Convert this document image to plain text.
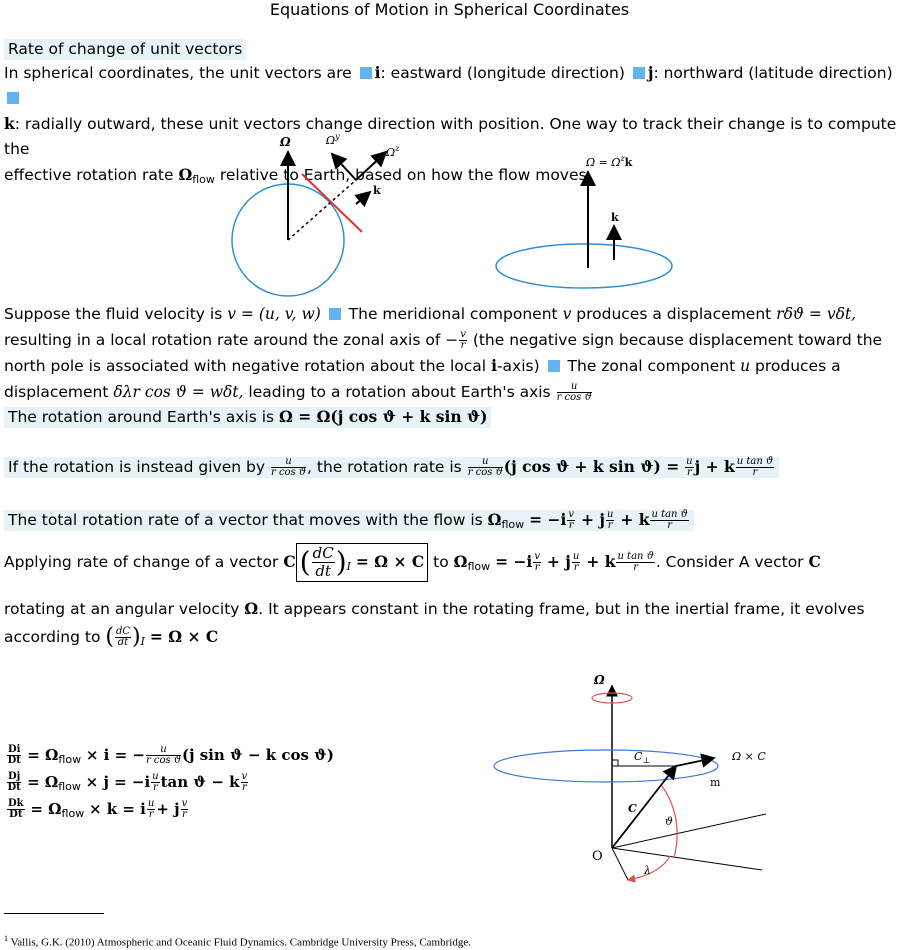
Equations of Motion in Spherical Coordinates
Rate of change of unit vectors
In spherical coordinates, the unit vectors are i: eastward (longitude direction) j: northward (latitude direction)
k: radially outward, these unit vectors change direction with position. One way to track their change is to compute the
effective rotation rate $\Omega_{flow}$ relative to Earth, based on how the flow moves
Ω	$\Omega^y$
$\Omega^z$
k
$\Omega = \Omega^zk$
k
Suppose the fluid velocity is v = (u, v, w) The meridional component v produces a displacement rδϑ = vδt,
resulting in a local rotation rate around the zonal axis of − $\frac{v}{r} (the$ negative sign because displacement toward the
north pole is associated with negative rotation about the local i-axis) The zonal component u produces a
displacement δλr cos ϑ = wδt, leading to a rotation about Earth's axis $\frac{u}{\text{r cos ϑ}}$
The rotation around Earth's axis is Ω = Ω(j cos ϑ + k sin ϑ)
If the rotation is instead given by $\frac{u}{\text{r cos ϑ}}$ , the rotation rate is $\frac{u}{\text{r cos ϑ}} (j$ cos ϑ + k $\sin ϑ) = \frac{u}{r}$ j + k $\frac{\text{u tan ϑ}}{r}$
The total rotation rate of a vector that moves with the flow is $\Omega_{flow} = -i \frac{v}{r} + j \frac{u}{r} + k \frac{\text{u tan ϑ}}{r}$
Applying rate of change of a vector C ( $\frac{dC}{dt} )_I = \Omega \times C$ to $\Omega_{flow} = -i \frac{v}{r} + j \frac{u}{r} + k \frac{\text{u tan ϑ}}{r}$ . Consider A vector C
rotating at an angular velocity Ω. It appears constant in the rotating frame, but in the inertial frame, it evolves
according to ( $\frac{dC}{dt} )_I = \Omega \times C$
$\frac{Di}{Dt} = \Omega_{flow} \times i$ = − $\frac{u}{\text{r cos ϑ}} (j$ sin ϑ − k cos ϑ)
$\frac{Dj}{Dt} = \Omega_{flow} \times j = -i \frac{u}{r}$ tan ϑ − k $\frac{v}{r}$
$\frac{Dk}{Dt} = \Omega_{flow} \times k = i \frac{u}{r} + j \frac{v}{r}$
Ω
$C_\perp$	Ω × C
m
C
ϑ
O
λ
$^1$ Vallis, G.K. (2010) Atmospheric and Oceanic Fluid Dynamics. Cambridge University Press, Cambridge.
